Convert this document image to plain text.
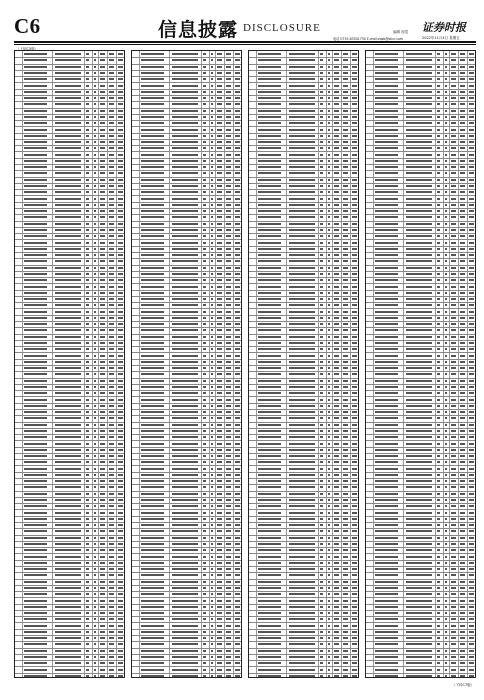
C6	信息披露 DISCLOSURE	编辑 视觉
电话 0755-83501750 E-mail:zqsb@stcn.com
证券时报
2022年11月4日 星期五
（上接C5版）
（下转C7版）
